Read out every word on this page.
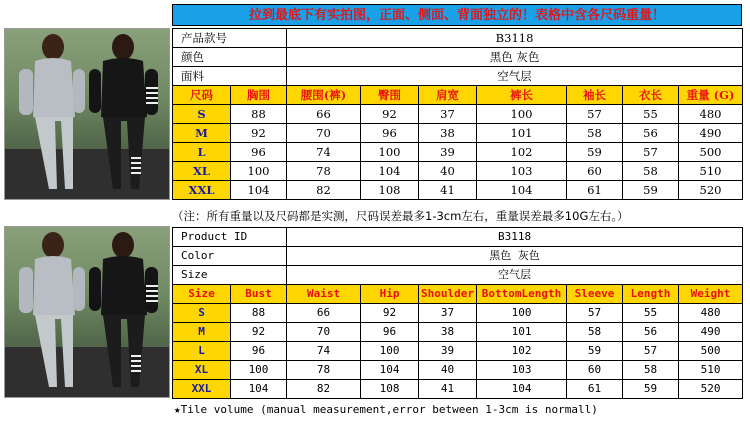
拉到最底下有实拍图，正面、侧面、背面独立的！表格中含各尺码重量！
产品款号		B3118						
颜色		黑色 灰色						
面料		空气层						
尺码	胸围	腰围(裤)	臀围	肩宽	裤长	袖长	衣长	重量 (G)
S	88	66	92	37	100	57	55	480
M	92	70	96	38	101	58	56	490
L	96	74	100	39	102	59	57	500
XL	100	78	104	40	103	60	58	510
XXL	104	82	108	41	104	61	59	520
（注：所有重量以及尺码都是实测，尺码误差最多1-3cm左右，重量误差最多10G左右。）
Product ID		B3118						
Color		黑色 灰色						
Size		空气层						
Size	Bust	Waist	Hip	Shoulder	BottomLength	Sleeve	Length	Weight
S	88	66	92	37	100	57	55	480
M	92	70	96	38	101	58	56	490
L	96	74	100	39	102	59	57	500
XL	100	78	104	40	103	60	58	510
XXL	104	82	108	41	104	61	59	520
★Tile volume (manual measurement,error between 1-3cm is normall)
